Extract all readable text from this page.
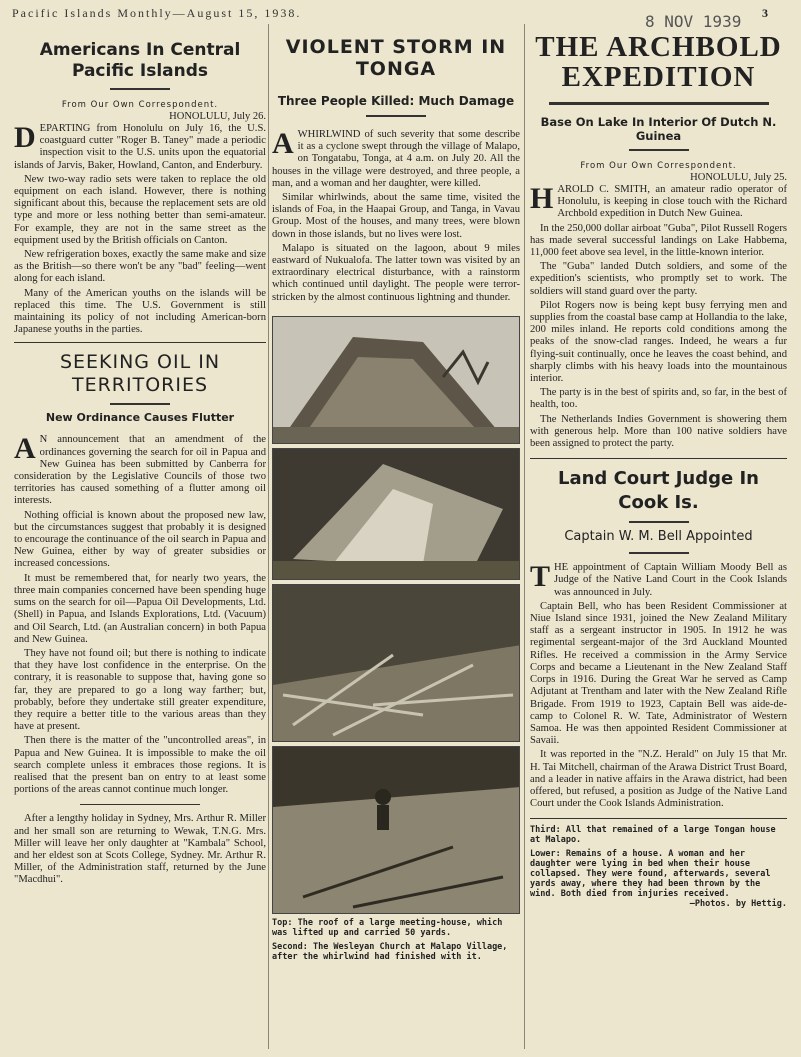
Pacific Islands Monthly—August 15, 1938.	8 NOV 1939 3
Americans In Central Pacific Islands
From Our Own Correspondent.
HONOLULU, July 26.

DEPARTING from Honolulu on July 16, the U.S. coastguard cutter "Roger B. Taney" made a periodic inspection visit to the U.S. units upon the equatorial islands of Jarvis, Baker, Howland, Canton, and Enderbury.

New two-way radio sets were taken to replace the old equipment on each island. However, there is nothing significant about this, because the replacement sets are old type and more or less nothing better than semi-amateur. For example, they are not in the same street as the equipment used by the British officials on Canton.

New refrigeration boxes, exactly the same make and size as the British—so there won't be any "bad" feeling—went along for each island.

Many of the American youths on the islands will be replaced this time. The U.S. Government is still maintaining its policy of not including American-born Japanese youths in the parties.

SEEKING OIL IN TERRITORIES
New Ordinance Causes Flutter

A N announcement that an amendment of the ordinances governing the search for oil in Papua and New Guinea has been submitted by Canberra for consideration by the Legislative Councils of those two territories has caused something of a flutter among oil interests.

Nothing official is known about the proposed new law, but the circumstances suggest that probably it is designed to encourage the continuance of the oil search in Papua and New Guinea, either by way of greater subsidies or increased concessions.

It must be remembered that, for nearly two years, the three main companies concerned have been spending huge sums on the search for oil—Papua Oil Developments, Ltd. (Shell) in Papua, and Islands Explorations, Ltd. (Vacuum) and Oil Search, Ltd. (an Australian concern) in both Papua and New Guinea.

They have not found oil; but there is nothing to indicate that they have lost confidence in the enterprise. On the contrary, it is reasonable to suppose that, having gone so far, they are prepared to go a long way farther; but, probably, before they undertake still greater expenditure, they require a better title to the various areas than they have at present.

Then there is the matter of the "uncontrolled areas", in Papua and New Guinea. It is impossible to make the oil search complete unless it embraces those regions. It is realised that the present ban on entry to at least some portions of the areas cannot continue much longer.

After a lengthy holiday in Sydney, Mrs. Arthur R. Miller and her small son are returning to Wewak, T.N.G. Mrs. Miller will leave her only daughter at "Kambala" School, and her eldest son at Scots College, Sydney. Mr. Arthur R. Miller, of the Administration staff, returned by the June "Macdhui".

VIOLENT STORM IN TONGA
Three People Killed: Much Damage

AWHIRLWIND of such severity that some describe it as a cyclone swept through the village of Malapo, on Tongatabu, Tonga, at 4 a.m. on July 20. All the houses in the village were destroyed, and three people, a man, and a woman and her daughter, were killed.

Similar whirlwinds, about the same time, visited the islands of Foa, in the Haapai Group, and Tanga, in Vavau Group. Most of the houses, and many trees, were blown down in those islands, but no lives were lost.

Malapo is situated on the lagoon, about 9 miles eastward of Nukualofa. The latter town was visited by an extraordinary electrical disturbance, with a rainstorm which continued until daylight. The people were terror-stricken by the almost continuous lightning and thunder.

Top: The roof of a large meeting-house, which was lifted up and carried 50 yards.
Second: The Wesleyan Church at Malapo Village, after the whirlwind had finished with it.
THE ARCHBOLD EXPEDITION
Base On Lake In Interior Of Dutch N. Guinea
From Our Own Correspondent.
HONOLULU, July 25.

HAROLD C. SMITH, an amateur radio operator of Honolulu, is keeping in close touch with the Richard Archbold expedition in Dutch New Guinea.

In the 250,000 dollar airboat "Guba", Pilot Russell Rogers has made several successful landings on Lake Habbema, 11,000 feet above sea level, in the little-known interior.

The "Guba" landed Dutch soldiers, and some of the expedition's scientists, who promptly set to work. The soldiers will stand guard over the party.

Pilot Rogers now is being kept busy ferrying men and supplies from the coastal base camp at Hollandia to the lake, 200 miles inland. He reports cold conditions among the peaks of the snow-clad ranges. Indeed, he wears a fur flying-suit continually, once he leaves the coast behind, and sharply climbs with his heavy loads into the mountainous interior.

The party is in the best of spirits and, so far, in the best of health, too.

The Netherlands Indies Government is showering them with generous help. More than 100 native soldiers have been assigned to protect the party.

Land Court Judge In Cook Is.
Captain W. M. Bell Appointed

THE appointment of Captain William Moody Bell as Judge of the Native Land Court in the Cook Islands was announced in July.

Captain Bell, who has been Resident Commissioner at Niue Island since 1931, joined the New Zealand Military staff as a sergeant instructor in 1905. In 1912 he was regimental sergeant-major of the 3rd Auckland Mounted Rifles. He received a commission in the Army Service Corps and became a Lieutenant in the New Zealand Staff Corps in 1916. During the Great War he served as Camp Adjutant at Trentham and later with the New Zealand Rifle Brigade. From 1919 to 1923, Captain Bell was aide-de-camp to Colonel R. W. Tate, Administrator of Western Samoa. He was then appointed Resident Commissioner at Savaii.

It was reported in the "N.Z. Herald" on July 15 that Mr. H. Tai Mitchell, chairman of the Arawa District Trust Board, and a leader in native affairs in the Arawa district, had been offered, but refused, a position as Judge of the Native Land Court under the Cook Islands Administration.

Third: All that remained of a large Tongan house at Malapo.
Lower: Remains of a house. A woman and her daughter were lying in bed when their house collapsed. They were found, afterwards, several yards away, where they had been thrown by the wind. Both died from injuries received.
—Photos. by Hettig.
